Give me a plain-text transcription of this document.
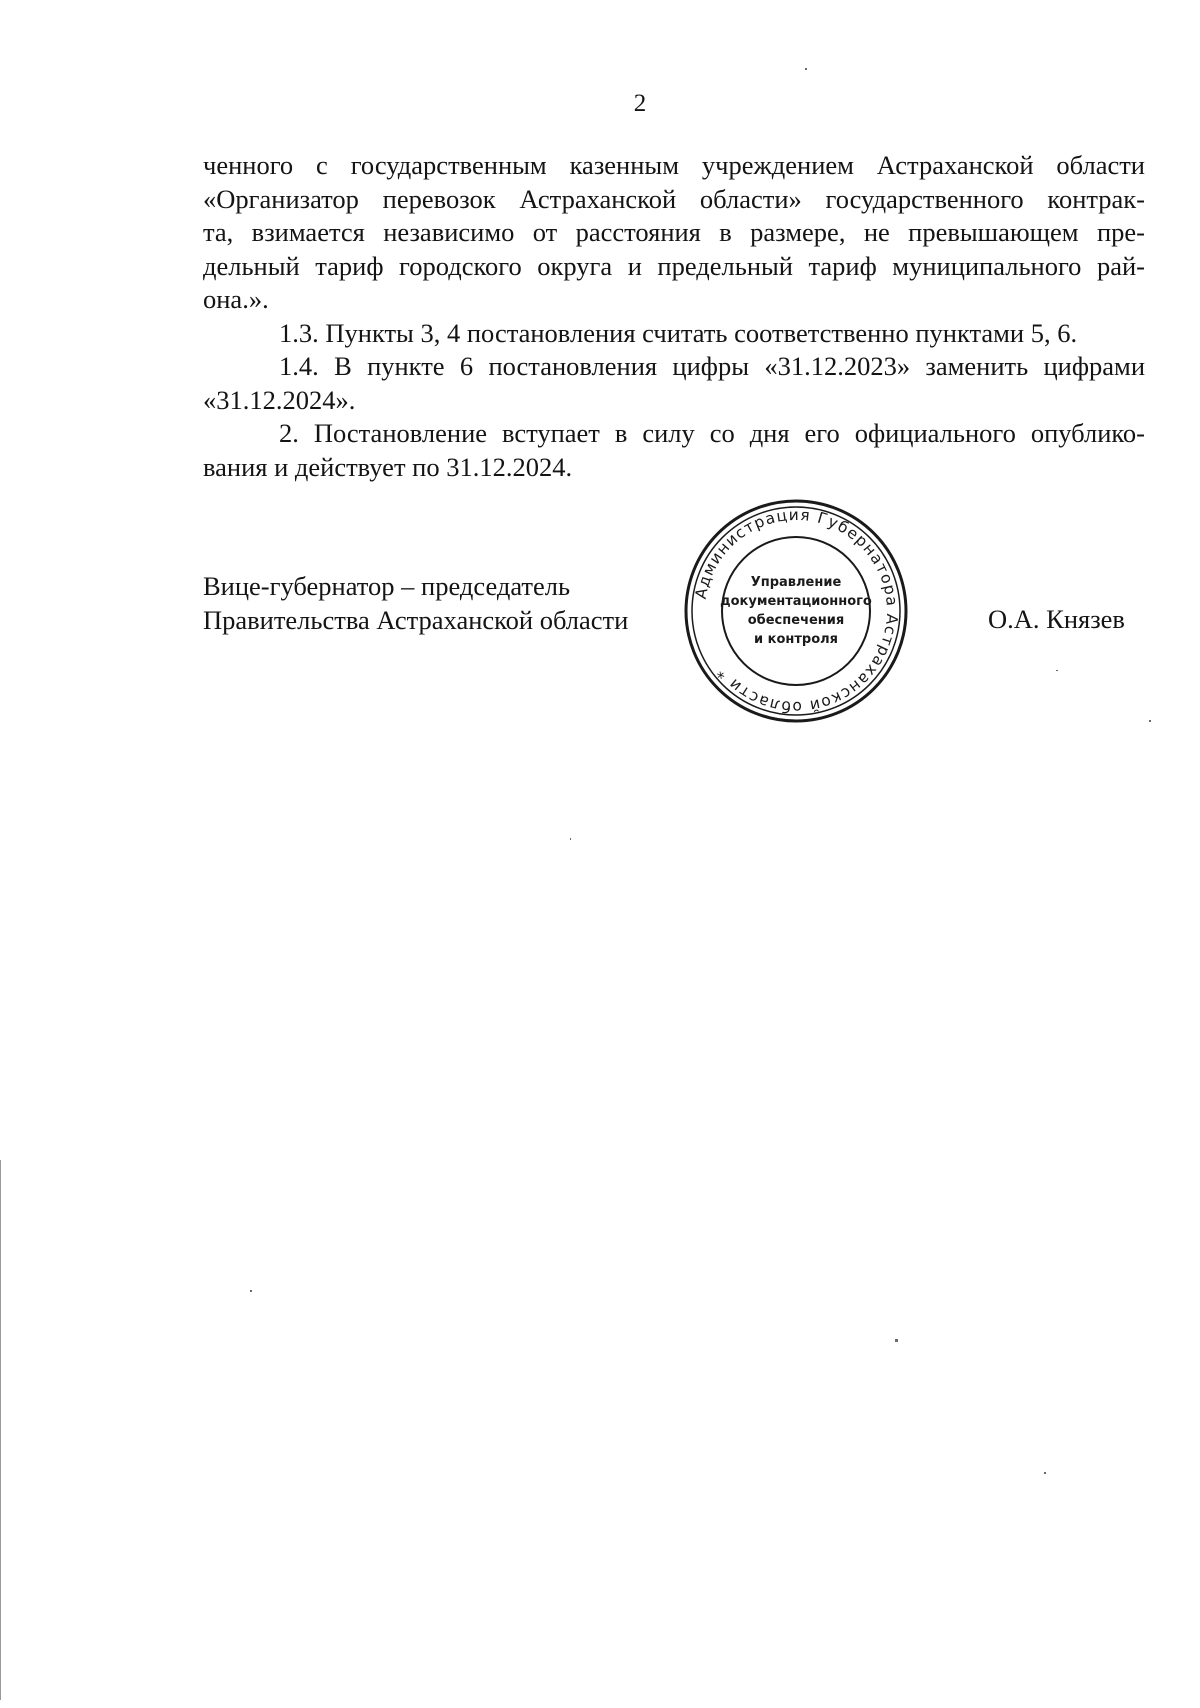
2
ченного с государственным казенным учреждением Астраханской области
«Организатор перевозок Астраханской области» государственного контрак-
та, взимается независимо от расстояния в размере, не превышающем пре-
дельный тариф городского округа и предельный тариф муниципального рай-
она.».
1.3. Пункты 3, 4 постановления считать соответственно пунктами 5, 6.
1.4. В пункте 6 постановления цифры «31.12.2023» заменить цифрами
«31.12.2024».
2. Постановление вступает в силу со дня его официального опублико-
вания и действует по 31.12.2024.
Вице-губернатор – председатель
Правительства Астраханской области	О.А. Князев
Администрация Губернатора Астраханской области *
Управление
документационного
обеспечения
и контроля
